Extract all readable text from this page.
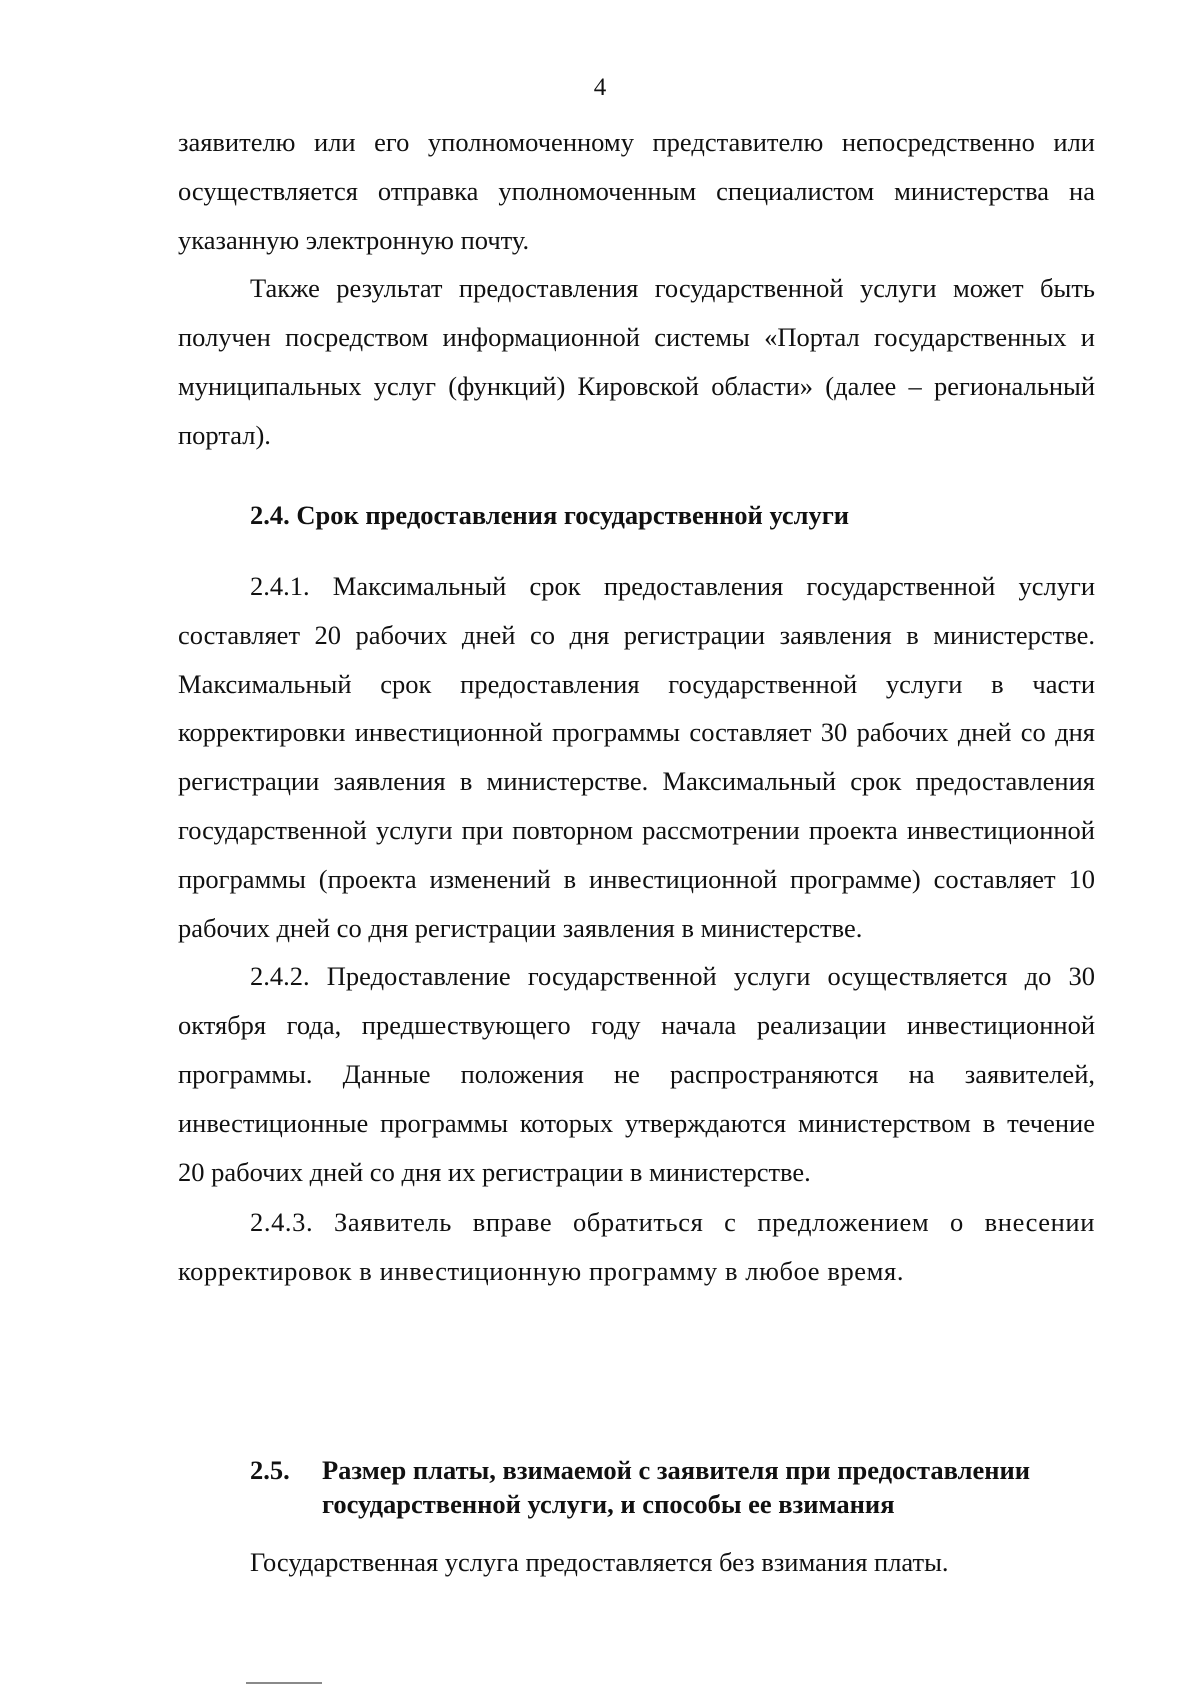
4

заявителю или его уполномоченному представителю непосредственно или осуществляется отправка уполномоченным специалистом министерства на указанную электронную почту.

Также результат предоставления государственной услуги может быть получен посредством информационной системы «Портал государственных и муниципальных услуг (функций) Кировской области» (далее – региональный портал).

2.4. Срок предоставления государственной услуги

2.4.1. Максимальный срок предоставления государственной услуги составляет 20 рабочих дней со дня регистрации заявления в министерстве. Максимальный срок предоставления государственной услуги в части корректировки инвестиционной программы составляет 30 рабочих дней со дня регистрации заявления в министерстве. Максимальный срок предоставления государственной услуги при повторном рассмотрении проекта инвестиционной программы (проекта изменений в инвестиционной программе) составляет 10 рабочих дней со дня регистрации заявления в министерстве.

2.4.2. Предоставление государственной услуги осуществляется до 30 октября года, предшествующего году начала реализации инвестиционной программы. Данные положения не распространяются на заявителей, инвестиционные программы которых утверждаются министерством в течение 20 рабочих дней со дня их регистрации в министерстве.

2.4.3. Заявитель вправе обратиться с предложением о внесении корректировок в инвестиционную программу в любое время.

2.5.	Размер платы, взимаемой с заявителя при предоставлении государственной услуги, и способы ее взимания

Государственная услуга предоставляется без взимания платы.
